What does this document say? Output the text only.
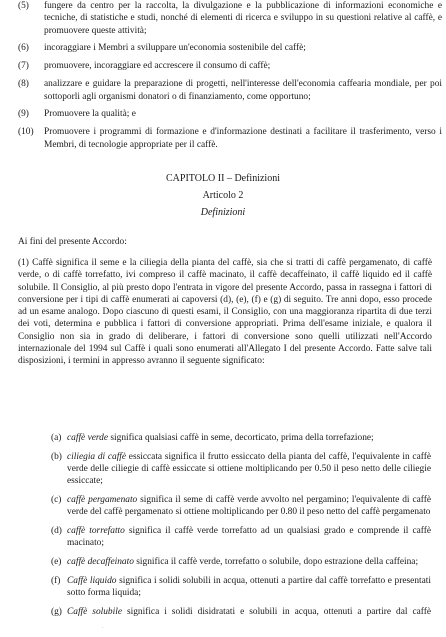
(5)	fungere da centro per la raccolta, la divulgazione e la pubblicazione di informazioni economiche e tecniche, di statistiche e studi, nonché di elementi di ricerca e sviluppo in su questioni relative al caffè, e promuovere queste attività;
(6)	incoraggiare i Membri a sviluppare un'economia sostenibile del caffè;
(7)	promuovere, incoraggiare ed accrescere il consumo di caffè;
(8)	analizzare e guidare la preparazione di progetti, nell'interesse dell'economia caffearia mondiale, per poi sottoporli agli organismi donatori o di finanziamento, come opportuno;
(9)	Promuovere la qualità; e
(10)	Promuovere i programmi di formazione e d'informazione destinati a facilitare il trasferimento, verso i Membri, di tecnologie appropriate per il caffè.
CAPITOLO II – Definizioni
Articolo 2
Definizioni
Ai fini del presente Accordo:
(1) Caffè significa il seme e la ciliegia della pianta del caffè, sia che si tratti di caffè pergamenato, di caffè verde, o di caffè torrefatto, ivi compreso il caffè macinato, il caffè decaffeinato, il caffè liquido ed il caffè solubile. Il Consiglio, al più presto dopo l'entrata in vigore del presente Accordo, passa in rassegna i fattori di conversione per i tipi di caffè enumerati ai capoversi (d), (e), (f) e (g) di seguito. Tre anni dopo, esso procede ad un esame analogo. Dopo ciascuno di questi esami, il Consiglio, con una maggioranza ripartita di due terzi dei voti, determina e pubblica i fattori di conversione appropriati. Prima dell'esame iniziale, e qualora il Consiglio non sia in grado di deliberare, i fattori di conversione sono quelli utilizzati nell'Accordo internazionale del 1994 sul Caffè i quali sono enumerati all'Allegato I del presente Accordo. Fatte salve tali disposizioni, i termini in appresso avranno il seguente significato:
(a) caffè verde significa qualsiasi caffè in seme, decorticato, prima della torrefazione;
(b) ciliegia di caffè essiccata significa il frutto essiccato della pianta del caffè, l'equivalente in caffè verde delle ciliegie di caffè essiccate si ottiene moltiplicando per 0.50 il peso netto delle ciliegie essiccate;
(c) caffè pergamenato significa il seme di caffè verde avvolto nel pergamino; l'equivalente di caffè verde del caffè pergamenato si ottiene moltiplicando per 0.80 il peso netto del caffè pergamenato
(d) caffè torrefatto significa il caffè verde torrefatto ad un qualsiasi grado e comprende il caffè macinato;
(e) caffè decaffeinato significa il caffè verde, torrefatto o solubile, dopo estrazione della caffeina;
(f) Caffè liquido significa i solidi solubili in acqua, ottenuti a partire dal caffè torrefatto e presentati sotto forma liquida;
(g) Caffè solubile significa i solidi disidratati e solubili in acqua, ottenuti a partire dal caffè
